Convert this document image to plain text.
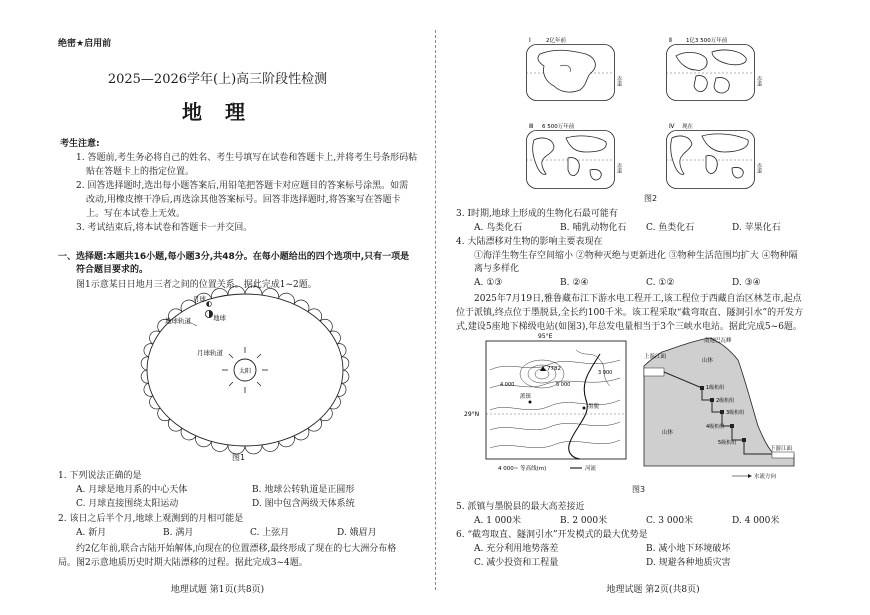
绝密★启用前
2025—2026学年(上)高三阶段性检测
地 理
考生注意:
1. 答题前,考生务必将自己的姓名、考生号填写在试卷和答题卡上,并将考生号条形码粘
贴在答题卡上的指定位置。
2. 回答选择题时,选出每小题答案后,用铅笔把答题卡对应题目的答案标号涂黑。如需
改动,用橡皮擦干净后,再选涂其他答案标号。回答非选择题时,将答案写在答题卡
上。写在本试卷上无效。
3. 考试结束后,将本试卷和答题卡一并交回。
一、选择题:本题共16小题,每小题3分,共48分。在每小题给出的四个选项中,只有一项是
符合题目要求的。
图1示意某日日地月三者之间的位置关系。据此完成1~2题。
太阳
月球
地球
地球轨道
月球轨道
图1
1. 下列说法正确的是
A. 月球是地月系的中心天体	B. 地球公转轨道是正圆形
C. 月球直接围绕太阳运动	D. 图中包含两级天体系统
2. 该日之后半个月,地球上观测到的月相可能是
A. 新月	B. 满月	C. 上弦月	D. 娥眉月
约2亿年前,联合古陆开始解体,向现在的位置漂移,最终形成了现在的七大洲分布格
局。图2示意地质历史时期大陆漂移的过程。据此完成3~4题。
地理试题 第1页(共8页)
Ⅰ	2亿年前
赤道
Ⅱ	1亿3 500万年前
赤道
Ⅲ 6 500万年前
赤道
Ⅳ 现在
赤道
图2
3. Ⅰ时期,地球上形成的生物化石最可能有
A. 鸟类化石	B. 哺乳动物化石 C. 鱼类化石	D. 苹果化石
4. 大陆漂移对生物的影响主要表现在
①海洋生物生存空间缩小 ②物种灭绝与更新进化 ③物种生活范围均扩大 ④物种隔
离与多样化
A. ①③	B. ②④	C. ①②	D. ③④
2025年7月19日,雅鲁藏布江下游水电工程开工,该工程位于西藏自治区林芝市,起点
位于派镇,终点位于墨脱县,全长约100千米。该工程采取“截弯取直、隧洞引水”的开发方
式,建设5座地下梯级电站(如图3),年总发电量相当于3个三峡水电站。据此完成5~6题。
95°E
7782
派镇
墨脱
3 000
4 000	5 000
29°N
4 000~ 等高线(m)	河流
南迦巴瓦峰
上游江面
山体
山体
1级机组
2级机组
3级机组
4级机组
5级机组
下游江面
水流方向
图3
5. 派镇与墨脱县的最大高差接近
A. 1 000米	B. 2 000米	C. 3 000米	D. 4 000米
6. “截弯取直、隧洞引水”开发模式的最大优势是
A. 充分利用地势落差	B. 减小地下环境破坏
C. 减少投资和工程量	D. 规避各种地质灾害
地理试题 第2页(共8页)
